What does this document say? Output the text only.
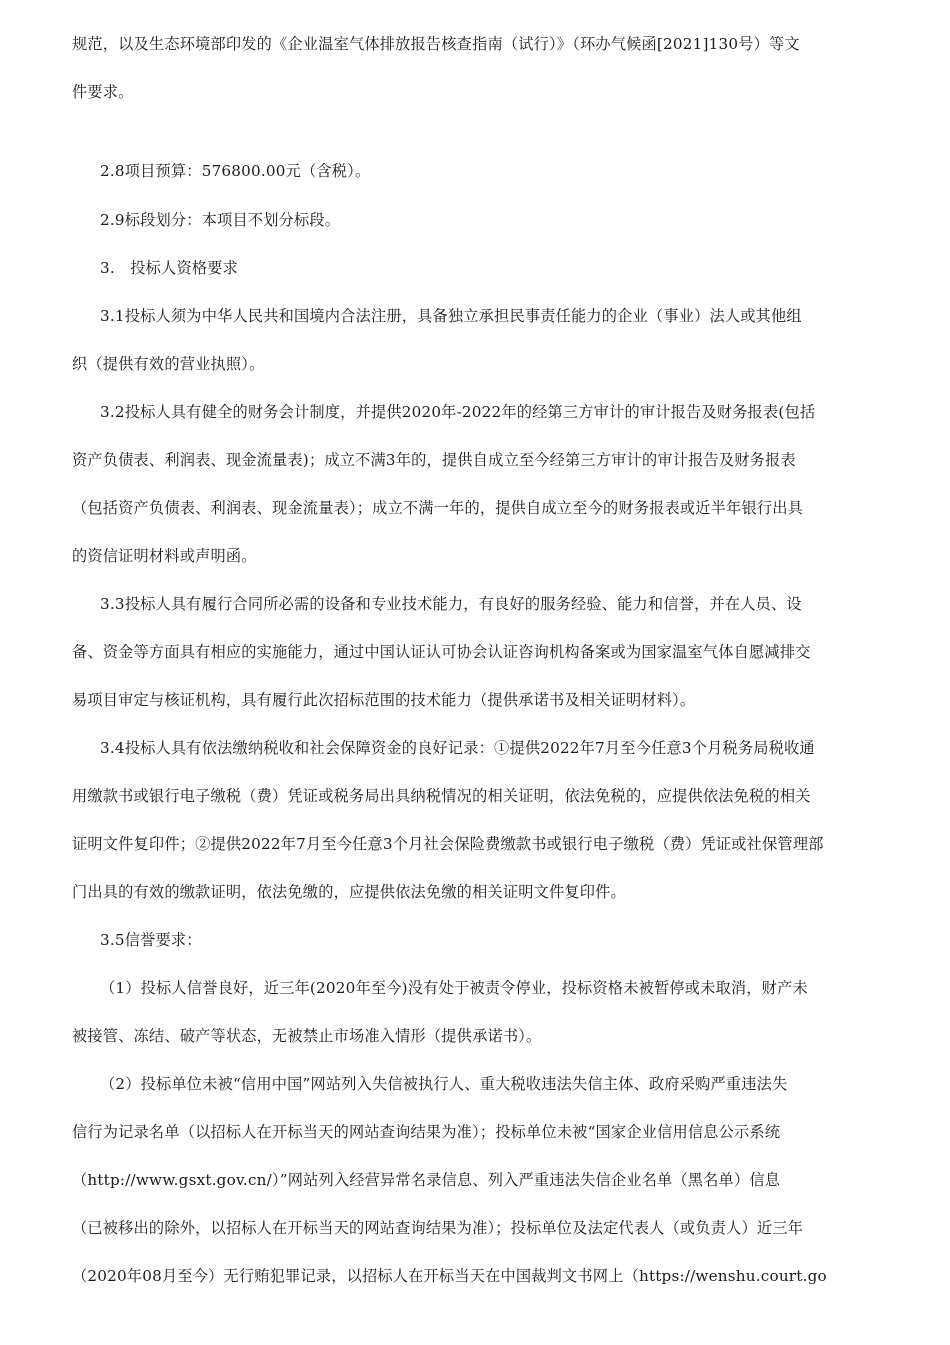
规范，以及生态环境部印发的《企业温室气体排放报告核查指南（试行）》（环办气候函[2021]130号）等文
件要求。
2.8项目预算：576800.00元（含税）。
2.9标段划分：本项目不划分标段。
3.　投标人资格要求
3.1投标人须为中华人民共和国境内合法注册，具备独立承担民事责任能力的企业（事业）法人或其他组
织（提供有效的营业执照）。
3.2投标人具有健全的财务会计制度，并提供2020年-2022年的经第三方审计的审计报告及财务报表(包括
资产负债表、利润表、现金流量表)；成立不满3年的，提供自成立至今经第三方审计的审计报告及财务报表
（包括资产负债表、利润表、现金流量表）；成立不满一年的，提供自成立至今的财务报表或近半年银行出具
的资信证明材料或声明函。
3.3投标人具有履行合同所必需的设备和专业技术能力，有良好的服务经验、能力和信誉，并在人员、设
备、资金等方面具有相应的实施能力，通过中国认证认可协会认证咨询机构备案或为国家温室气体自愿减排交
易项目审定与核证机构，具有履行此次招标范围的技术能力（提供承诺书及相关证明材料）。
3.4投标人具有依法缴纳税收和社会保障资金的良好记录：①提供2022年7月至今任意3个月税务局税收通
用缴款书或银行电子缴税（费）凭证或税务局出具纳税情况的相关证明，依法免税的，应提供依法免税的相关
证明文件复印件；②提供2022年7月至今任意3个月社会保险费缴款书或银行电子缴税（费）凭证或社保管理部
门出具的有效的缴款证明，依法免缴的，应提供依法免缴的相关证明文件复印件。
3.5信誉要求：
（1）投标人信誉良好，近三年(2020年至今)没有处于被责令停业，投标资格未被暂停或未取消，财产未
被接管、冻结、破产等状态，无被禁止市场准入情形（提供承诺书）。
（2）投标单位未被“信用中国”网站列入失信被执行人、重大税收违法失信主体、政府采购严重违法失
信行为记录名单（以招标人在开标当天的网站查询结果为准）；投标单位未被“国家企业信用信息公示系统
（http://www.gsxt.gov.cn/）”网站列入经营异常名录信息、列入严重违法失信企业名单（黑名单）信息
（已被移出的除外，以招标人在开标当天的网站查询结果为准）；投标单位及法定代表人（或负责人）近三年
（2020年08月至今）无行贿犯罪记录，以招标人在开标当天在中国裁判文书网上（https://wenshu.court.go
